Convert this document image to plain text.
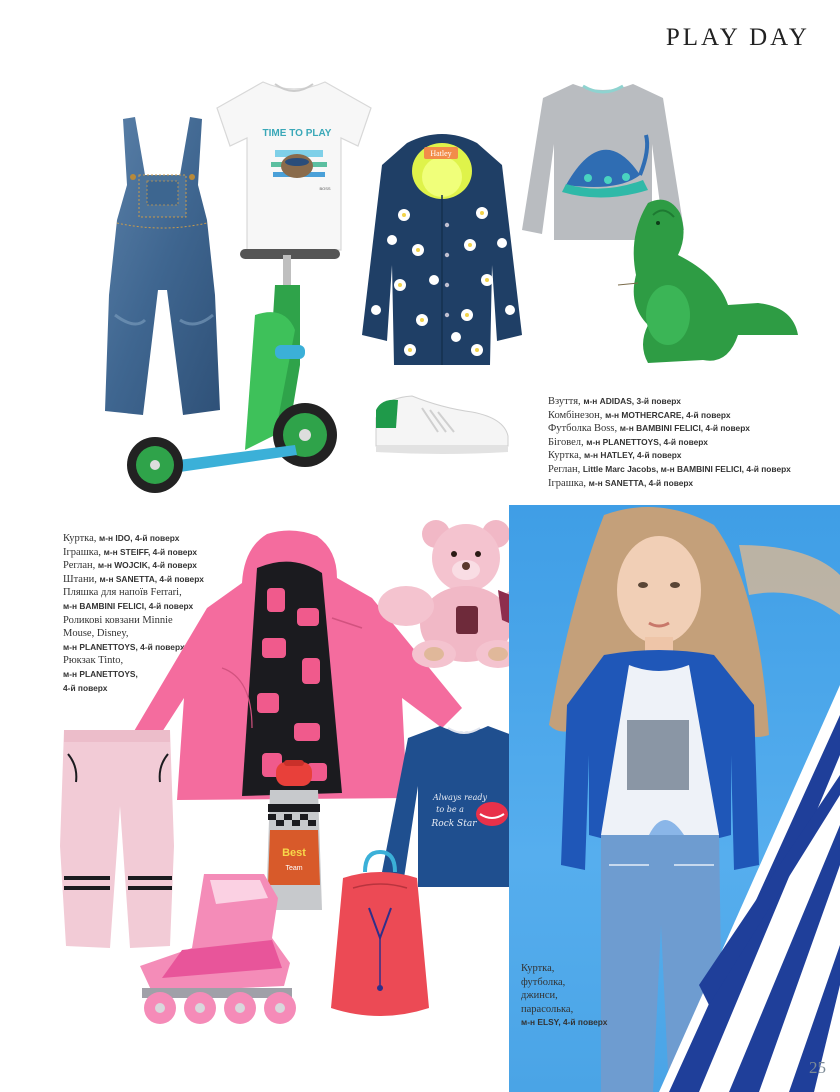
PLAY DAY
TIME TO PLAY
BOSS
Hatley
Взуття, м-н ADIDAS, 3-й поверх
Комбінезон, м-н MOTHERCARE, 4-й поверх
Футболка Boss, м-н BAMBINI FELICI, 4-й поверх
Біговел, м-н PLANETTOYS, 4-й поверх
Куртка, м-н HATLEY, 4-й поверх
Реглан, Little Marc Jacobs, м-н BAMBINI FELICI, 4-й поверх
Іграшка, м-н SANETTA, 4-й поверх
Куртка, м-н IDO, 4-й поверх
Іграшка, м-н STEIFF, 4-й поверх
Реглан, м-н WOJCIK, 4-й поверх
Штани, м-н SANETTA, 4-й поверх
Пляшка для напоїв Ferrari,
м-н BAMBINI FELICI, 4-й поверх
Роликові ковзани Minnie
Mouse, Disney,
м-н PLANETTOYS, 4-й поверх
Рюкзак Tinto,
м-н PLANETTOYS,
4-й поверх
Best
Team
Always ready
to be a
Rock Star
Куртка,
футболка,
джинси,
парасолька,
м-н ELSY, 4-й поверх
25
